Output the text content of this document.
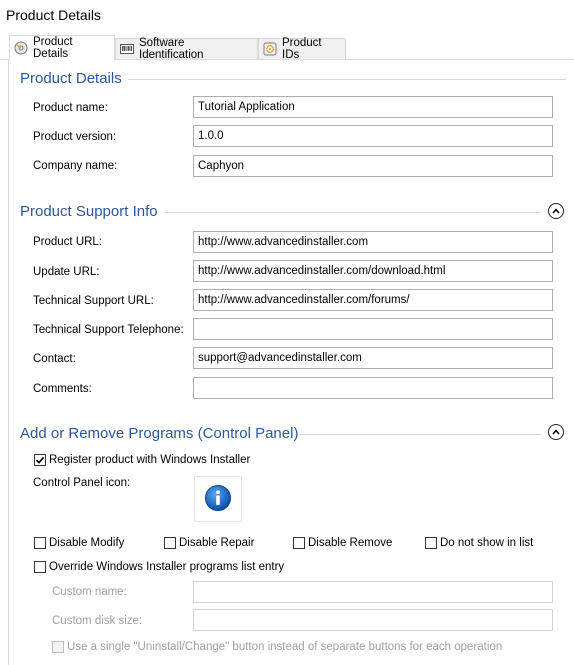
Product Details
Product Details
Software Identification
Product IDs
Product Details
Product name:	Tutorial Application
Product version:	1.0.0
Company name:	Caphyon
Product Support Info
Product URL:	http://www.advancedinstaller.com
Update URL:	http://www.advancedinstaller.com/download.html
Technical Support URL:	http://www.advancedinstaller.com/forums/
Technical Support Telephone:
Contact:	support@advancedinstaller.com
Comments:
Add or Remove Programs (Control Panel)
Register product with Windows Installer
Control Panel icon:
Disable Modify	Disable Repair	Disable Remove	Do not show in list
Override Windows Installer programs list entry
Custom name:
Custom disk size:
Use a single "Uninstall/Change" button instead of separate buttons for each operation
